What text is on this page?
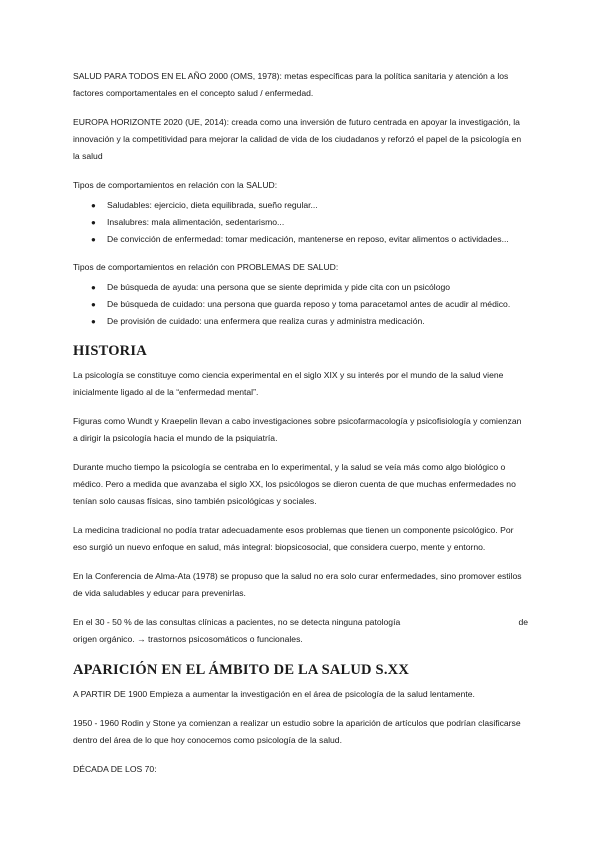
SALUD PARA TODOS EN EL AÑO 2000 (OMS, 1978): metas específicas para la política sanitaria y atención a los factores comportamentales en el concepto salud / enfermedad.

EUROPA HORIZONTE 2020 (UE, 2014): creada como una inversión de futuro centrada en apoyar la investigación, la innovación y la competitividad para mejorar la calidad de vida de los ciudadanos y reforzó el papel de la psicología en la salud

Tipos de comportamientos en relación con la SALUD:

● Saludables: ejercicio, dieta equilibrada, sueño regular...
● Insalubres: mala alimentación, sedentarismo...
● De convicción de enfermedad: tomar medicación, mantenerse en reposo, evitar alimentos o actividades...

Tipos de comportamientos en relación con PROBLEMAS DE SALUD:

● De búsqueda de ayuda: una persona que se siente deprimida y pide cita con un psicólogo
● De búsqueda de cuidado: una persona que guarda reposo y toma paracetamol antes de acudir al médico.
● De provisión de cuidado: una enfermera que realiza curas y administra medicación.
HISTORIA

La psicología se constituye como ciencia experimental en el siglo XIX y su interés por el mundo de la salud viene inicialmente ligado al de la “enfermedad mental”.

Figuras como Wundt y Kraepelin llevan a cabo investigaciones sobre psicofarmacología y psicofisiología y comienzan a dirigir la psicología hacia el mundo de la psiquiatría.

Durante mucho tiempo la psicología se centraba en lo experimental, y la salud se veía más como algo biológico o médico. Pero a medida que avanzaba el siglo XX, los psicólogos se dieron cuenta de que muchas enfermedades no tenían solo causas físicas, sino también psicológicas y sociales.

La medicina tradicional no podía tratar adecuadamente esos problemas que tienen un componente psicológico. Por eso surgió un nuevo enfoque en salud, más integral: biopsicosocial, que considera cuerpo, mente y entorno.

En la Conferencia de Alma-Ata (1978) se propuso que la salud no era solo curar enfermedades, sino promover estilos de vida saludables y educar para prevenirlas.

En el 30 - 50 % de las consultas clínicas a pacientes, no se detecta ninguna patología	de

origen orgánico. → trastornos psicosomáticos o funcionales.

APARICIÓN EN EL ÁMBITO DE LA SALUD S.XX

A PARTIR DE 1900 Empieza a aumentar la investigación en el área de psicología de la salud lentamente.

1950 - 1960 Rodin y Stone ya comienzan a realizar un estudio sobre la aparición de artículos que podrían clasificarse dentro del área de lo que hoy conocemos como psicología de la salud.

DÉCADA DE LOS 70:
